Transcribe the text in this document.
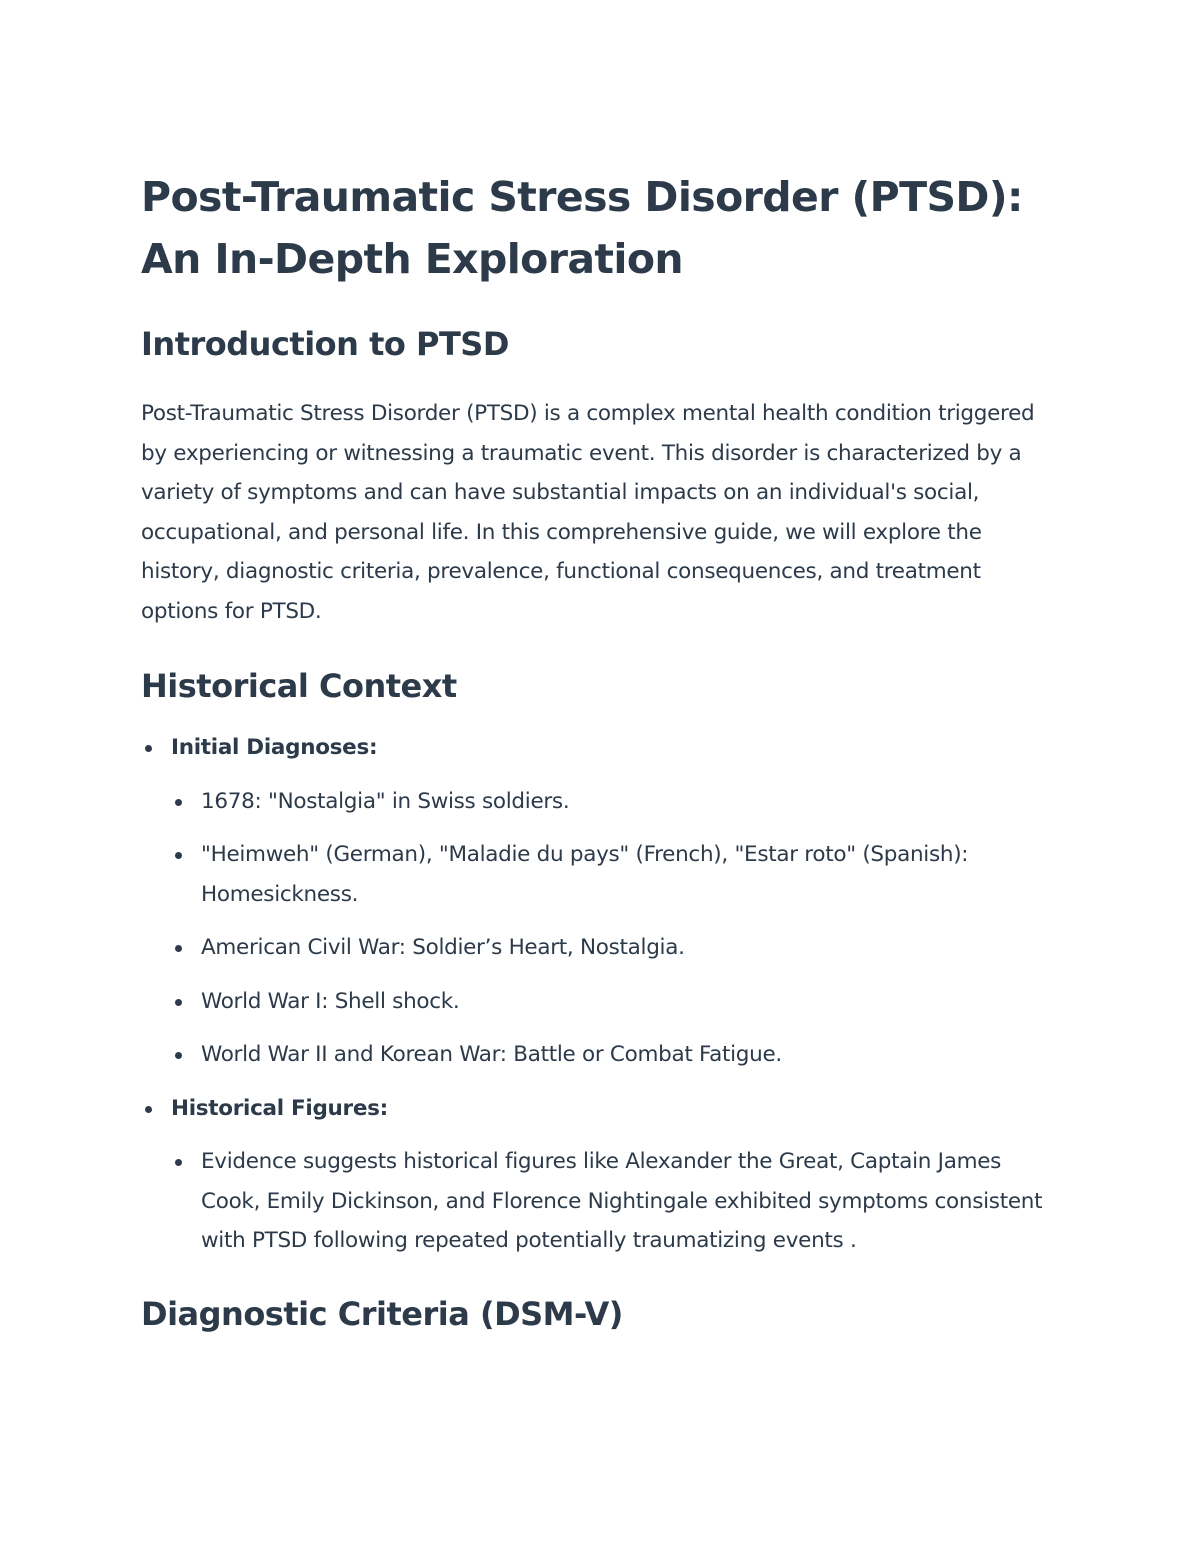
Post-Traumatic Stress Disorder (PTSD): An In-Depth Exploration
Introduction to PTSD

Post-Traumatic Stress Disorder (PTSD) is a complex mental health condition triggered by experiencing or witnessing a traumatic event. This disorder is characterized by a variety of symptoms and can have substantial impacts on an individual's social, occupational, and personal life. In this comprehensive guide, we will explore the history, diagnostic criteria, prevalence, functional consequences, and treatment options for PTSD.

Historical Context
Initial Diagnoses:
1678: "Nostalgia" in Swiss soldiers.
"Heimweh" (German), "Maladie du pays" (French), "Estar roto" (Spanish): Homesickness.
American Civil War: Soldier’s Heart, Nostalgia.
World War I: Shell shock.
World War II and Korean War: Battle or Combat Fatigue.
Historical Figures:
Evidence suggests historical figures like Alexander the Great, Captain James Cook, Emily Dickinson, and Florence Nightingale exhibited symptoms consistent with PTSD following repeated potentially traumatizing events .
Diagnostic Criteria (DSM-V)
